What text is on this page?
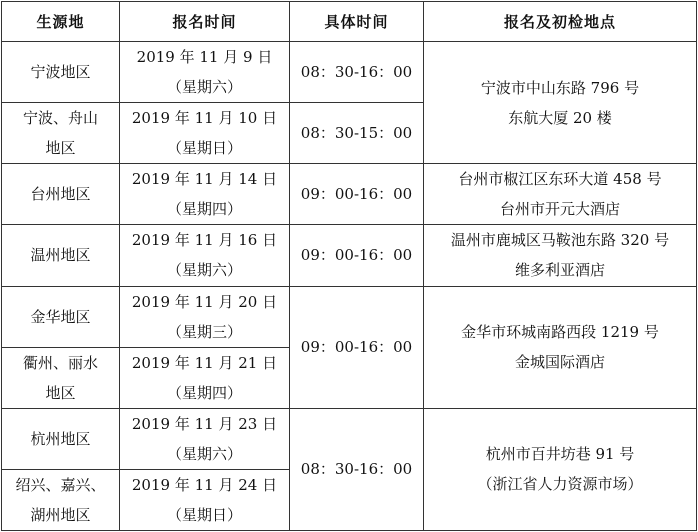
生源地	报名时间	具体时间	报名及初检地点

宁波地区	2019 年 11 月 9 日
（星期六）	08：30-16：00	宁波市中山东路 796 号
东航大厦 20 楼

宁波、舟山
地区	2019 年 11 月 10 日
（星期日）	08：30-15：00	

台州地区	2019 年 11 月 14 日
（星期四）	09：00-16：00	台州市椒江区东环大道 458 号
台州市开元大酒店

温州地区	2019 年 11 月 16 日
（星期六）	09：00-16：00	温州市鹿城区马鞍池东路 320 号
维多利亚酒店

金华地区	2019 年 11 月 20 日
（星期三）	09：00-16：00	金华市环城南路西段 1219 号
金城国际酒店

衢州、丽水
地区	2019 年 11 月 21 日
（星期四）		

杭州地区	2019 年 11 月 23 日
（星期六）	08：30-16：00	杭州市百井坊巷 91 号
（浙江省人力资源市场）

绍兴、嘉兴、
湖州地区	2019 年 11 月 24 日
（星期日）		
